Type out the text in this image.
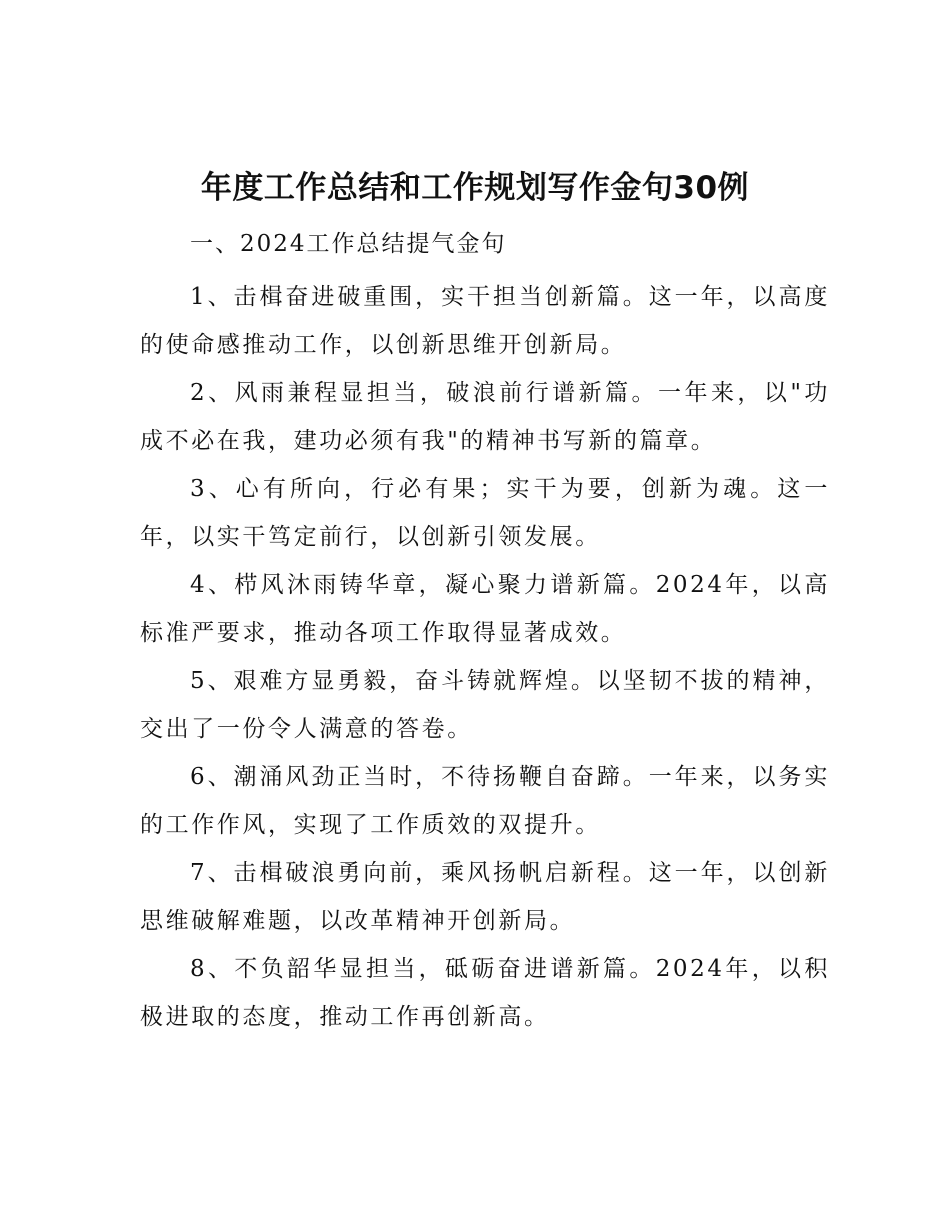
年度工作总结和工作规划写作金句30例

一、2024工作总结提气金句

1、击楫奋进破重围，实干担当创新篇。这一年，以高度的使命感推动工作，以创新思维开创新局。

2、风雨兼程显担当，破浪前行谱新篇。一年来，以"功成不必在我，建功必须有我"的精神书写新的篇章。

3、心有所向，行必有果；实干为要，创新为魂。这一年，以实干笃定前行，以创新引领发展。

4、栉风沐雨铸华章，凝心聚力谱新篇。2024年，以高标准严要求，推动各项工作取得显著成效。

5、艰难方显勇毅，奋斗铸就辉煌。以坚韧不拔的精神，交出了一份令人满意的答卷。

6、潮涌风劲正当时，不待扬鞭自奋蹄。一年来，以务实的工作作风，实现了工作质效的双提升。

7、击楫破浪勇向前，乘风扬帆启新程。这一年，以创新思维破解难题，以改革精神开创新局。

8、不负韶华显担当，砥砺奋进谱新篇。2024年，以积极进取的态度，推动工作再创新高。
